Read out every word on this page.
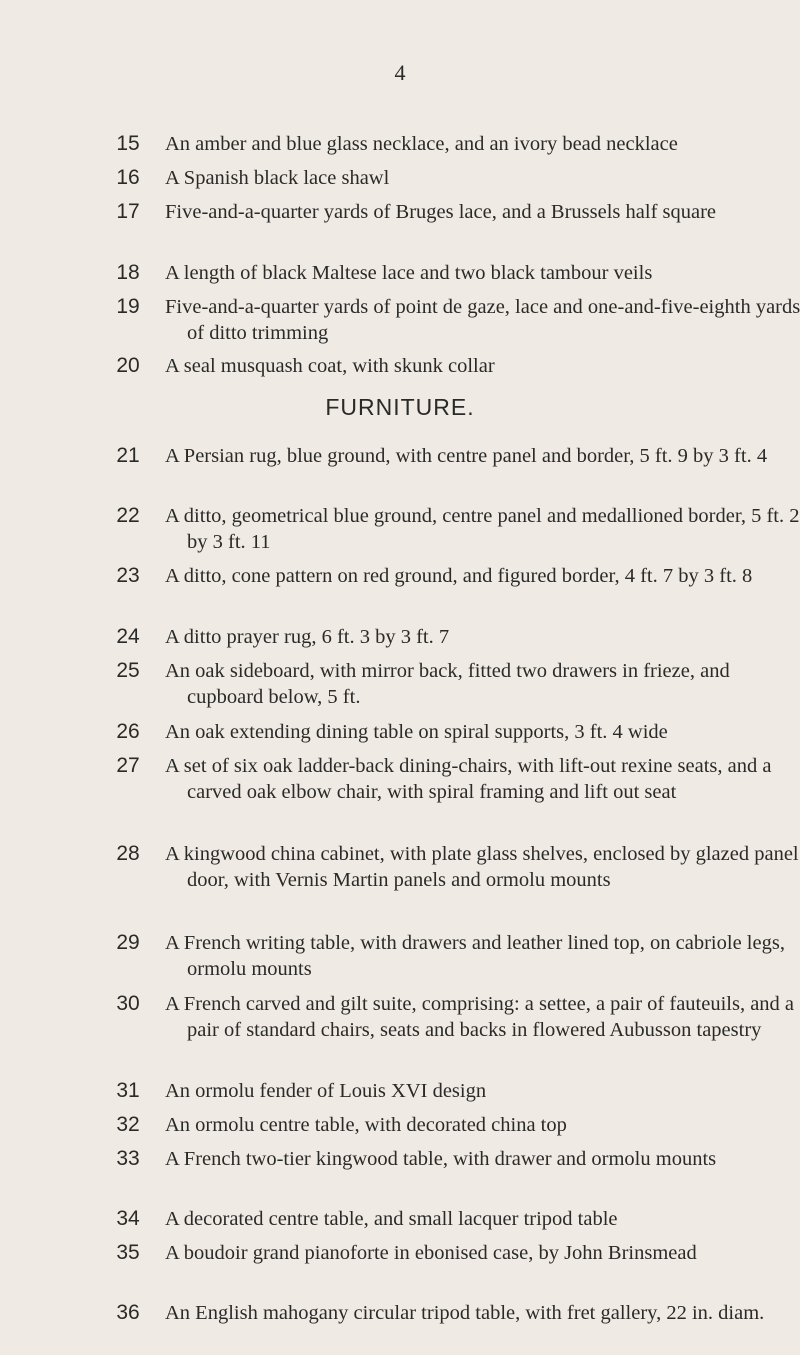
4
15	An amber and blue glass necklace, and an ivory bead necklace
16	A Spanish black lace shawl
17	Five-and-a-quarter yards of Bruges lace, and a Brussels half square
18	A length of black Maltese lace and two black tambour veils
19	Five-and-a-quarter yards of point de gaze, lace and one-and-five-eighth yards of ditto trimming
20	A seal musquash coat, with skunk collar
FURNITURE.
21	A Persian rug, blue ground, with centre panel and border, 5 ft. 9 by 3 ft. 4
22	A ditto, geometrical blue ground, centre panel and medallioned border, 5 ft. 2 by 3 ft. 11
23	A ditto, cone pattern on red ground, and figured border, 4 ft. 7 by 3 ft. 8
24	A ditto prayer rug, 6 ft. 3 by 3 ft. 7
25	An oak sideboard, with mirror back, fitted two drawers in frieze, and cupboard below, 5 ft.
26	An oak extending dining table on spiral supports, 3 ft. 4 wide
27	A set of six oak ladder-back dining-chairs, with lift-out rexine seats, and a carved oak elbow chair, with spiral framing and lift out seat
28	A kingwood china cabinet, with plate glass shelves, enclosed by glazed panel door, with Vernis Martin panels and ormolu mounts
29	A French writing table, with drawers and leather lined top, on cabriole legs, ormolu mounts
30	A French carved and gilt suite, comprising: a settee, a pair of fauteuils, and a pair of standard chairs, seats and backs in flowered Aubusson tapestry
31	An ormolu fender of Louis XVI design
32	An ormolu centre table, with decorated china top
33	A French two-tier kingwood table, with drawer and ormolu mounts
34	A decorated centre table, and small lacquer tripod table
35	A boudoir grand pianoforte in ebonised case, by John Brinsmead
36	An English mahogany circular tripod table, with fret gallery, 22 in. diam.
